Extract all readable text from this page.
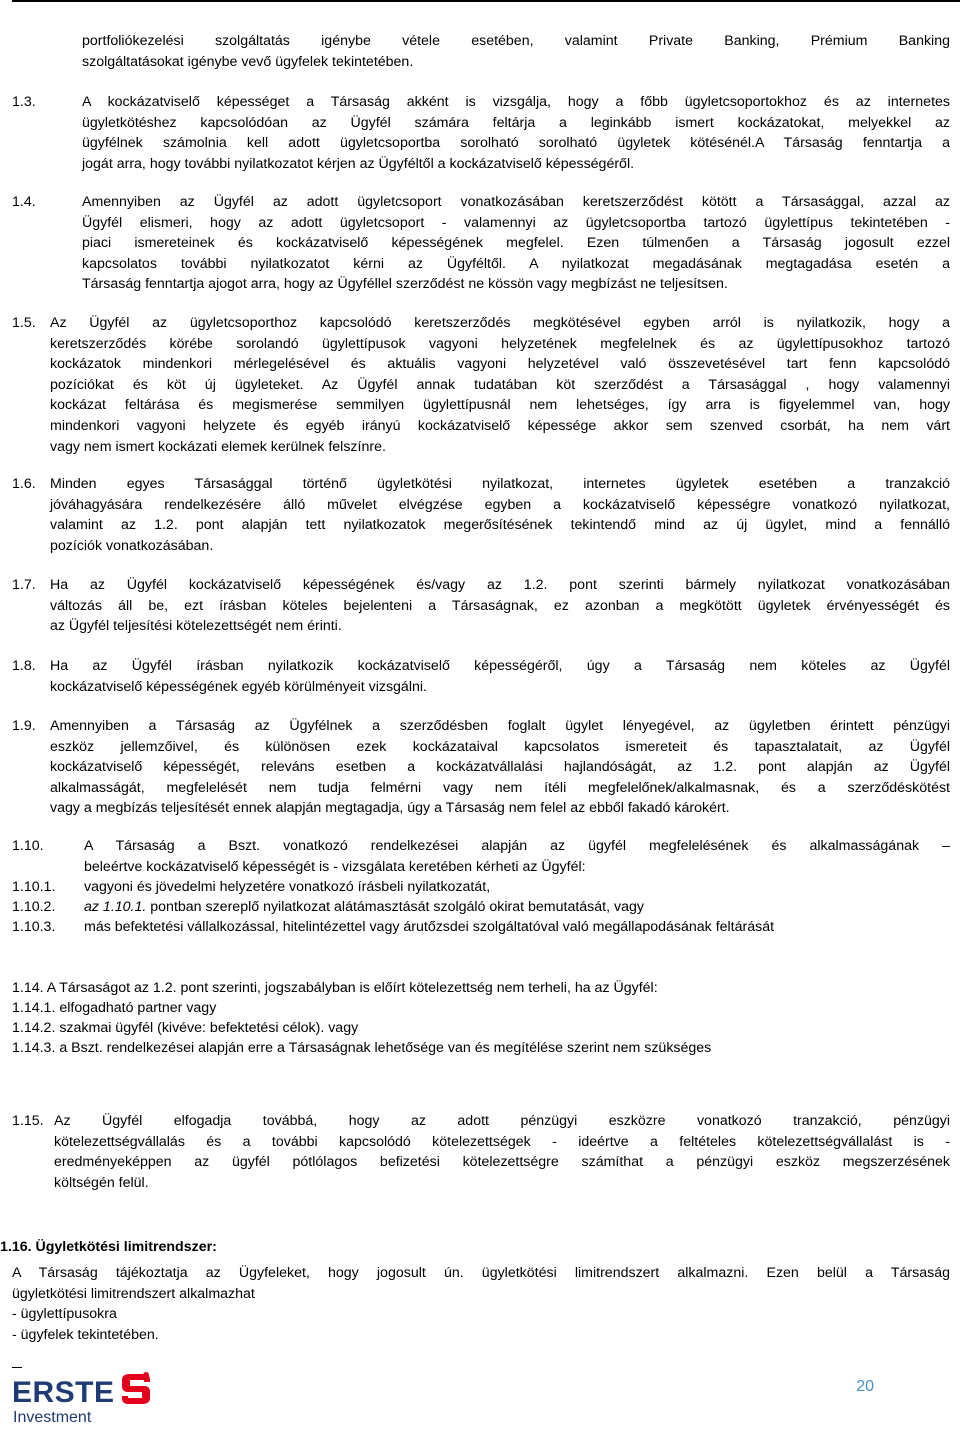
portfoliókezelési szolgáltatás igénybe vétele esetében, valamint Private Banking, Prémium Banking
szolgáltatásokat igénybe vevő ügyfelek tekintetében.
1.3.	A kockázatviselő képességet a Társaság akként is vizsgálja, hogy a főbb ügyletcsoportokhoz és az internetes
ügyletkötéshez kapcsolódóan az Ügyfél számára feltárja a leginkább ismert kockázatokat, melyekkel az
ügyfélnek számolnia kell adott ügyletcsoportba sorolható sorolható ügyletek kötésénél.A Társaság fenntartja a
jogát arra, hogy további nyilatkozatot kérjen az Ügyféltől a kockázatviselő képességéről.
1.4.	Amennyiben az Ügyfél az adott ügyletcsoport vonatkozásában keretszerződést kötött a Társasággal, azzal az
Ügyfél elismeri, hogy az adott ügyletcsoport - valamennyi az ügyletcsoportba tartozó ügylettípus tekintetében -
piaci ismereteinek és kockázatviselő képességének megfelel. Ezen túlmenően a Társaság jogosult ezzel
kapcsolatos további nyilatkozatot kérni az Ügyféltől. A nyilatkozat megadásának megtagadása esetén a
Társaság fenntartja ajogot arra, hogy az Ügyféllel szerződést ne kössön vagy megbízást ne teljesítsen.
1.5. Az Ügyfél az ügyletcsoporthoz kapcsolódó keretszerződés megkötésével egyben arról is nyilatkozik, hogy a
keretszerződés körébe sorolandó ügylettípusok vagyoni helyzetének megfelelnek és az ügylettípusokhoz tartozó
kockázatok mindenkori mérlegelésével és aktuális vagyoni helyzetével való összevetésével tart fenn kapcsolódó
pozíciókat és köt új ügyleteket. Az Ügyfél annak tudatában köt szerződést a Társasággal , hogy valamennyi
kockázat feltárása és megismerése semmilyen ügylettípusnál nem lehetséges, így arra is figyelemmel van, hogy
mindenkori vagyoni helyzete és egyéb irányú kockázatviselő képessége akkor sem szenved csorbát, ha nem várt
vagy nem ismert kockázati elemek kerülnek felszínre.
1.6. Minden egyes Társasággal történő ügyletkötési nyilatkozat, internetes ügyletek esetében a tranzakció
jóváhagyására rendelkezésére álló művelet elvégzése egyben a kockázatviselő képességre vonatkozó nyilatkozat,
valamint az 1.2. pont alapján tett nyilatkozatok megerősítésének tekintendő mind az új ügylet, mind a fennálló
pozíciók vonatkozásában.
1.7. Ha az Ügyfél kockázatviselő képességének és/vagy az 1.2. pont szerinti bármely nyilatkozat vonatkozásában
változás áll be, ezt írásban köteles bejelenteni a Társaságnak, ez azonban a megkötött ügyletek érvényességét és
az Ügyfél teljesítési kötelezettségét nem érinti.
1.8. Ha az Ügyfél írásban nyilatkozik kockázatviselő képességéről, úgy a Társaság nem köteles az Ügyfél
kockázatviselő képességének egyéb körülményeit vizsgálni.
1.9. Amennyiben a Társaság az Ügyfélnek a szerződésben foglalt ügylet lényegével, az ügyletben érintett pénzügyi
eszköz jellemzőivel, és különösen ezek kockázataival kapcsolatos ismereteit és tapasztalatait, az Ügyfél
kockázatviselő képességét, releváns esetben a kockázatvállalási hajlandóságát, az 1.2. pont alapján az Ügyfél
alkalmasságát, megfelelését nem tudja felmérni vagy nem ítéli megfelelőnek/alkalmasnak, és a szerződéskötést
vagy a megbízás teljesítését ennek alapján megtagadja, úgy a Társaság nem felel az ebből fakadó károkért.
1.10.	A Társaság a Bszt. vonatkozó rendelkezései alapján az ügyfél megfelelésének és alkalmasságának –
beleértve kockázatviselő képességét is - vizsgálata keretében kérheti az Ügyfél:
1.10.1. vagyoni és jövedelmi helyzetére vonatkozó írásbeli nyilatkozatát,
1.10.2. az 1.10.1. pontban szereplő nyilatkozat alátámasztását szolgáló okirat bemutatását, vagy
1.10.3. más befektetési vállalkozással, hitelintézettel vagy árutőzsdei szolgáltatóval való megállapodásának feltárását
1.14. A Társaságot az 1.2. pont szerinti, jogszabályban is előírt kötelezettség nem terheli, ha az Ügyfél:
1.14.1. elfogadható partner vagy
1.14.2. szakmai ügyfél (kivéve: befektetési célok). vagy
1.14.3. a Bszt. rendelkezései alapján erre a Társaságnak lehetősége van és megítélése szerint nem szükséges
1.15. Az Ügyfél elfogadja továbbá, hogy az adott pénzügyi eszközre vonatkozó tranzakció, pénzügyi
kötelezettségvállalás és a további kapcsolódó kötelezettségek - ideértve a feltételes kötelezettségvállalást is -
eredményeképpen az ügyfél pótlólagos befizetési kötelezettségre számíthat a pénzügyi eszköz megszerzésének
költségén felül.
1.16. Ügyletkötési limitrendszer:
A Társaság tájékoztatja az Ügyfeleket, hogy jogosult ún. ügyletkötési limitrendszert alkalmazni. Ezen belül a Társaság
ügyletkötési limitrendszert alkalmazhat
- ügylettípusokra
- ügyfelek tekintetében.
ERSTE
Investment
20
